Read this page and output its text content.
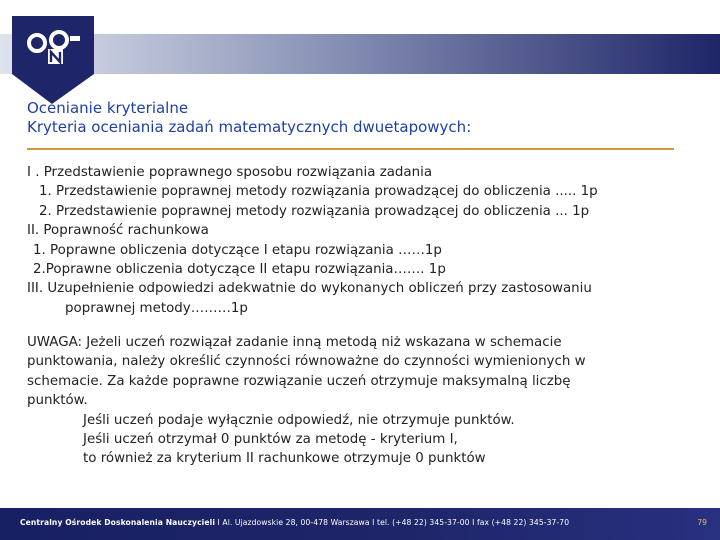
Ocenianie kryterialne
Kryteria oceniania zadań matematycznych dwuetapowych:
I . Przedstawienie poprawnego sposobu rozwiązania zadania
1. Przedstawienie poprawnej metody rozwiązania prowadzącej do obliczenia ..... 1p
2. Przedstawienie poprawnej metody rozwiązania prowadzącej do obliczenia ... 1p
II. Poprawność rachunkowa
1. Poprawne obliczenia dotyczące I etapu rozwiązania ……1p
2.Poprawne obliczenia dotyczące II etapu rozwiązania……. 1p
III. Uzupełnienie odpowiedzi adekwatnie do wykonanych obliczeń przy zastosowaniu
poprawnej metody………1p
UWAGA: Jeżeli uczeń rozwiązał zadanie inną metodą niż wskazana w schemacie
punktowania, należy określić czynności równoważne do czynności wymienionych w
schemacie. Za każde poprawne rozwiązanie uczeń otrzymuje maksymalną liczbę
punktów.
Jeśli uczeń podaje wyłącznie odpowiedź, nie otrzymuje punktów.
Jeśli uczeń otrzymał 0 punktów za metodę - kryterium I,
to również za kryterium II rachunkowe otrzymuje 0 punktów
Centralny Ośrodek Doskonalenia Nauczycieli I Al. Ujazdowskie 28, 00-478 Warszawa I tel. (+48 22) 345-37-00 I fax (+48 22) 345-37-70	79
